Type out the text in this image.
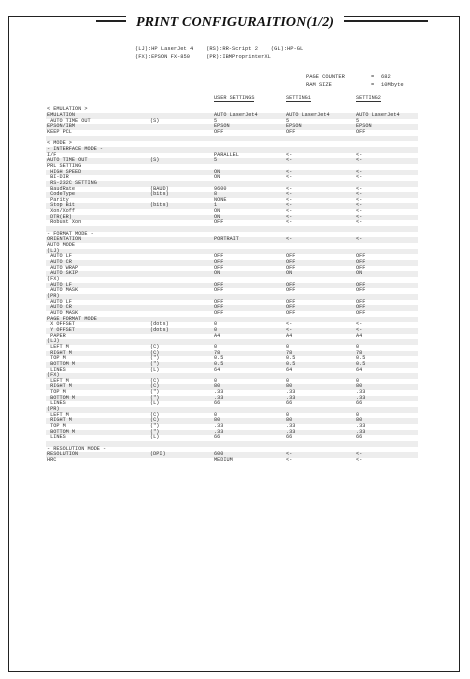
PRINT CONFIGURAITION(1/2)
(LJ):HP LaserJet 4    (RS):RR-Script 2    (GL):HP-GL
(FX):EPSON FX-850     (PR):IBMProprinterXL
PAGE COUNTER	=	682
RAM SIZE	=	10Mbyte
USER SETTINGS	SETTING1	SETTING2
< EMULATION >
EMULATION	AUTO LaserJet4	AUTO LaserJet4	AUTO LaserJet4
AUTO TIME OUT	(S)	5	5	5
EPSON/IBM	EPSON	EPSON	EPSON
KEEP PCL	OFF	OFF	OFF
< MODE >
- INTERFACE MODE -
I/F	PARALLEL	<-	<-
AUTO TIME OUT	(S)	5	<-	<-
PRL SETTING
HIGH SPEED	ON	<-	<-
BI-DIR	ON	<-	<-
RS-232C SETTING
BaudRate	(BAUD)	9600	<-	<-
CodeType	(bits)	8	<-	<-
Parity	NONE	<-	<-
Stop Bit	(bits)	1	<-	<-
Xon/Xoff	ON	<-	<-
DTR(ER)	ON	<-	<-
Robust Xon	OFF	<-	<-
- FORMAT MODE -
ORIENTATION	PORTRAIT	<-	<-
AUTO MODE
(LJ)
AUTO LF	OFF	OFF	OFF
AUTO CR	OFF	OFF	OFF
AUTO WRAP	OFF	OFF	OFF
AUTO SKIP	ON	ON	ON
(FX)
AUTO LF	OFF	OFF	OFF
AUTO MASK	OFF	OFF	OFF
(PR)
AUTO LF	OFF	OFF	OFF
AUTO CR	OFF	OFF	OFF
AUTO MASK	OFF	OFF	OFF
PAGE FORMAT MODE
X OFFSET	(dots)	0	<-	<-
Y OFFSET	(dots)	0	<-	<-
PAPER	A4	A4	A4
(LJ)
LEFT M	(C)	0	0	0
RIGHT M	(C)	78	78	78
TOP M	(")	0.5	0.5	0.5
BOTTOM M	(")	0.5	0.5	0.5
LINES	(L)	64	64	64
(FX)
LEFT M	(C)	0	0	0
RIGHT M	(C)	80	80	80
TOP M	(")	.33	.33	.33
BOTTOM M	(")	.33	.33	.33
LINES	(L)	66	66	66
(PR)
LEFT M	(C)	0	0	0
RIGHT M	(C)	80	80	80
TOP M	(")	.33	.33	.33
BOTTOM M	(")	.33	.33	.33
LINES	(L)	66	66	66
- RESOLUTION MODE -
RESOLUTION	(DPI)	600	<-	<-
HRC	MEDIUM	<-	<-
